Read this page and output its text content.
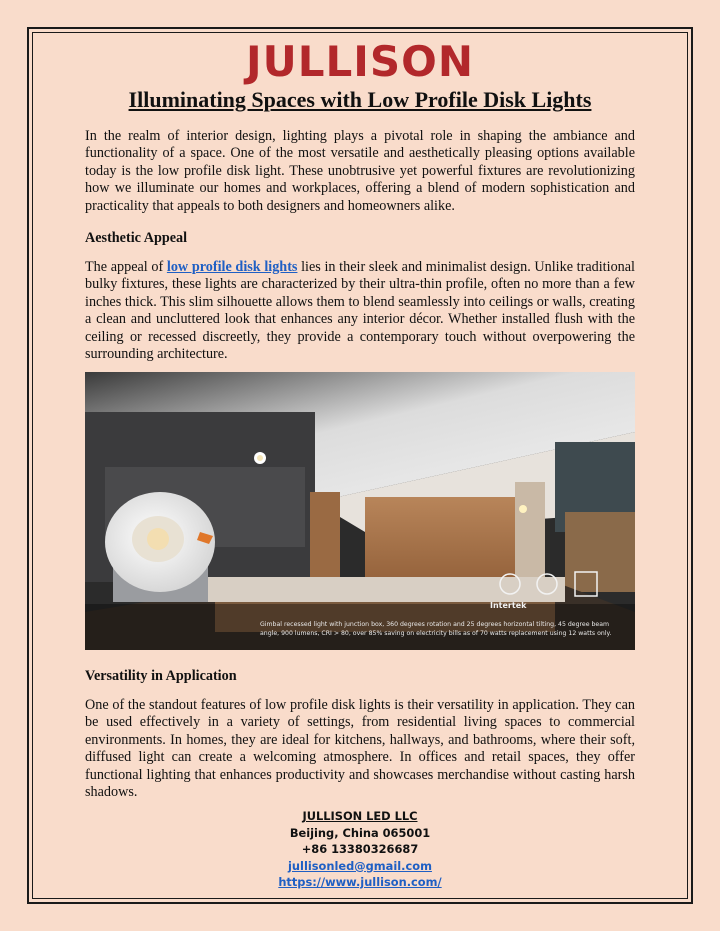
JULLISON
Illuminating Spaces with Low Profile Disk Lights

In the realm of interior design, lighting plays a pivotal role in shaping the ambiance and functionality of a space. One of the most versatile and aesthetically pleasing options available today is the low profile disk light. These unobtrusive yet powerful fixtures are revolutionizing how we illuminate our homes and workplaces, offering a blend of modern sophistication and practicality that appeals to both designers and homeowners alike.

Aesthetic Appeal

The appeal of low profile disk lights lies in their sleek and minimalist design. Unlike traditional bulky fixtures, these lights are characterized by their ultra-thin profile, often no more than a few inches thick. This slim silhouette allows them to blend seamlessly into ceilings or walls, creating a clean and uncluttered look that enhances any interior décor. Whether installed flush with the ceiling or recessed discreetly, they provide a contemporary touch without overpowering the surrounding architecture.

Intertek
Gimbal recessed light with junction box, 360 degrees rotation and 25 degrees horizontal tilting, 45 degree beam angle, 900 lumens, CRI > 80, over 85% saving on electricity bills as of 70 watts replacement using 12 watts only.

Versatility in Application

One of the standout features of low profile disk lights is their versatility in application. They can be used effectively in a variety of settings, from residential living spaces to commercial environments. In homes, they are ideal for kitchens, hallways, and bathrooms, where their soft, diffused light can create a welcoming atmosphere. In offices and retail spaces, they offer functional lighting that enhances productivity and showcases merchandise without casting harsh shadows.

JULLISON LED LLC
Beijing, China 065001
+86 13380326687
jullisonled@gmail.com
https://www.jullison.com/
